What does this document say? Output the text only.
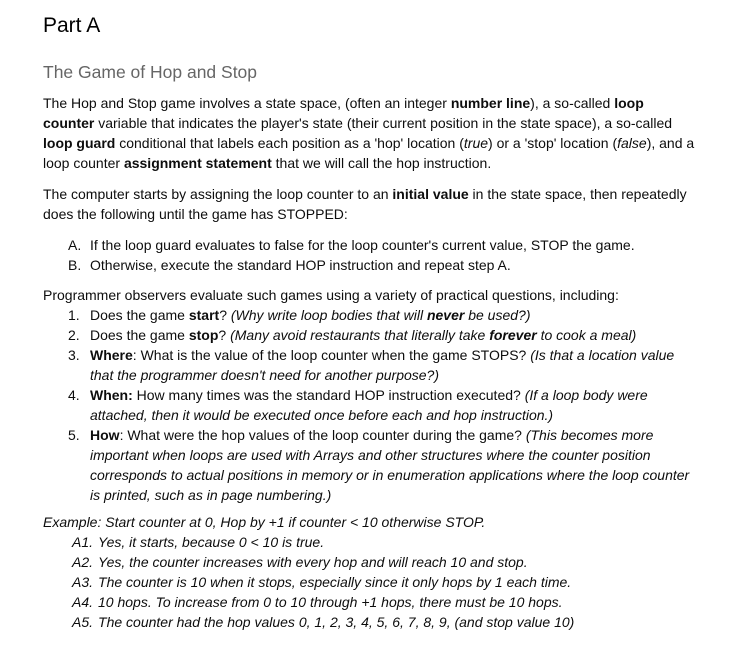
Part A
The Game of Hop and Stop

The Hop and Stop game involves a state space, (often an integer number line), a so-called loop counter variable that indicates the player's state (their current position in the state space), a so-called loop guard conditional that labels each position as a 'hop' location (true) or a 'stop' location (false), and a loop counter assignment statement that we will call the hop instruction.

The computer starts by assigning the loop counter to an initial value in the state space, then repeatedly does the following until the game has STOPPED:

A. If the loop guard evaluates to false for the loop counter's current value, STOP the game.
B. Otherwise, execute the standard HOP instruction and repeat step A.

Programmer observers evaluate such games using a variety of practical questions, including:

1. Does the game start? (Why write loop bodies that will never be used?)
2. Does the game stop? (Many avoid restaurants that literally take forever to cook a meal)
3. Where: What is the value of the loop counter when the game STOPS? (Is that a location value that the programmer doesn't need for another purpose?)
4. When: How many times was the standard HOP instruction executed? (If a loop body were attached, then it would be executed once before each and hop instruction.)
5. How: What were the hop values of the loop counter during the game? (This becomes more important when loops are used with Arrays and other structures where the counter position corresponds to actual positions in memory or in enumeration applications where the loop counter is printed, such as in page numbering.)

Example: Start counter at 0, Hop by +1 if counter < 10 otherwise STOP.

A1. Yes, it starts, because 0 < 10 is true.
A2. Yes, the counter increases with every hop and will reach 10 and stop.
A3. The counter is 10 when it stops, especially since it only hops by 1 each time.
A4. 10 hops. To increase from 0 to 10 through +1 hops, there must be 10 hops.
A5. The counter had the hop values 0, 1, 2, 3, 4, 5, 6, 7, 8, 9, (and stop value 10)
